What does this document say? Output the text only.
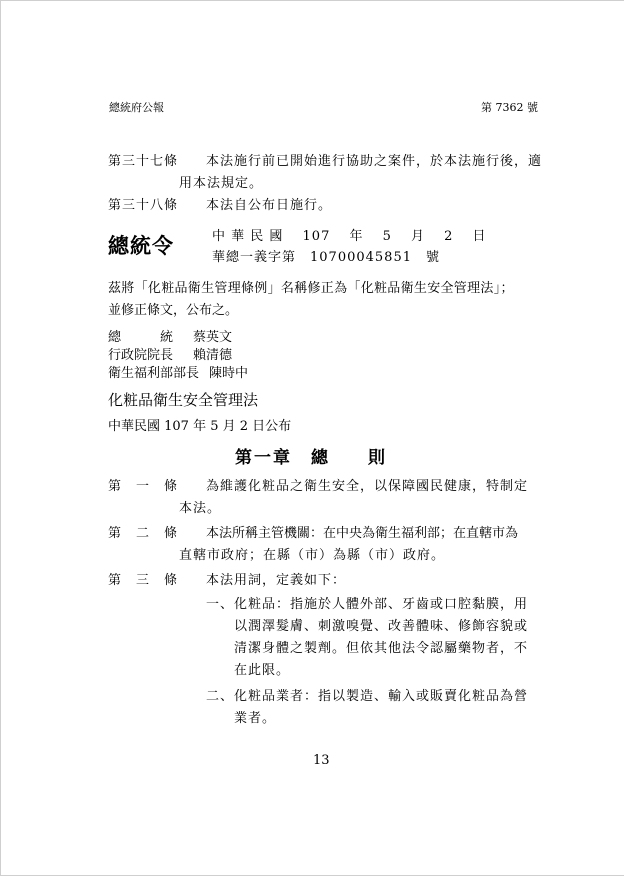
總統府公報	第 7362 號
第三十七條 本法施行前已開始進行協助之案件，於本法施行後，適
用本法規定。
第三十八條 本法自公布日施行。
總統令	中 華 民 國　 107　 年　 5　 月　 2　 日
華總一義字第　10700045851　號
茲將「化粧品衛生管理條例」名稱修正為「化粧品衛生安全管理法」；
並修正條文，公布之。
總　　　統 蔡英文
行政院院長 賴清德
衛生福利部部長 陳時中
化粧品衛生安全管理法
中華民國 107 年 5 月 2 日公布
第一章　總　　則
第　一　條 為維護化粧品之衛生安全，以保障國民健康，特制定
本法。
第　二　條 本法所稱主管機關：在中央為衛生福利部；在直轄市為
直轄市政府；在縣（市）為縣（市）政府。
第　三　條 本法用詞，定義如下：
一、化粧品：指施於人體外部、牙齒或口腔黏膜，用
以潤澤髮膚、刺激嗅覺、改善體味、修飾容貌或
清潔身體之製劑。但依其他法令認屬藥物者，不
在此限。
二、化粧品業者：指以製造、輸入或販賣化粧品為營
業者。
13
